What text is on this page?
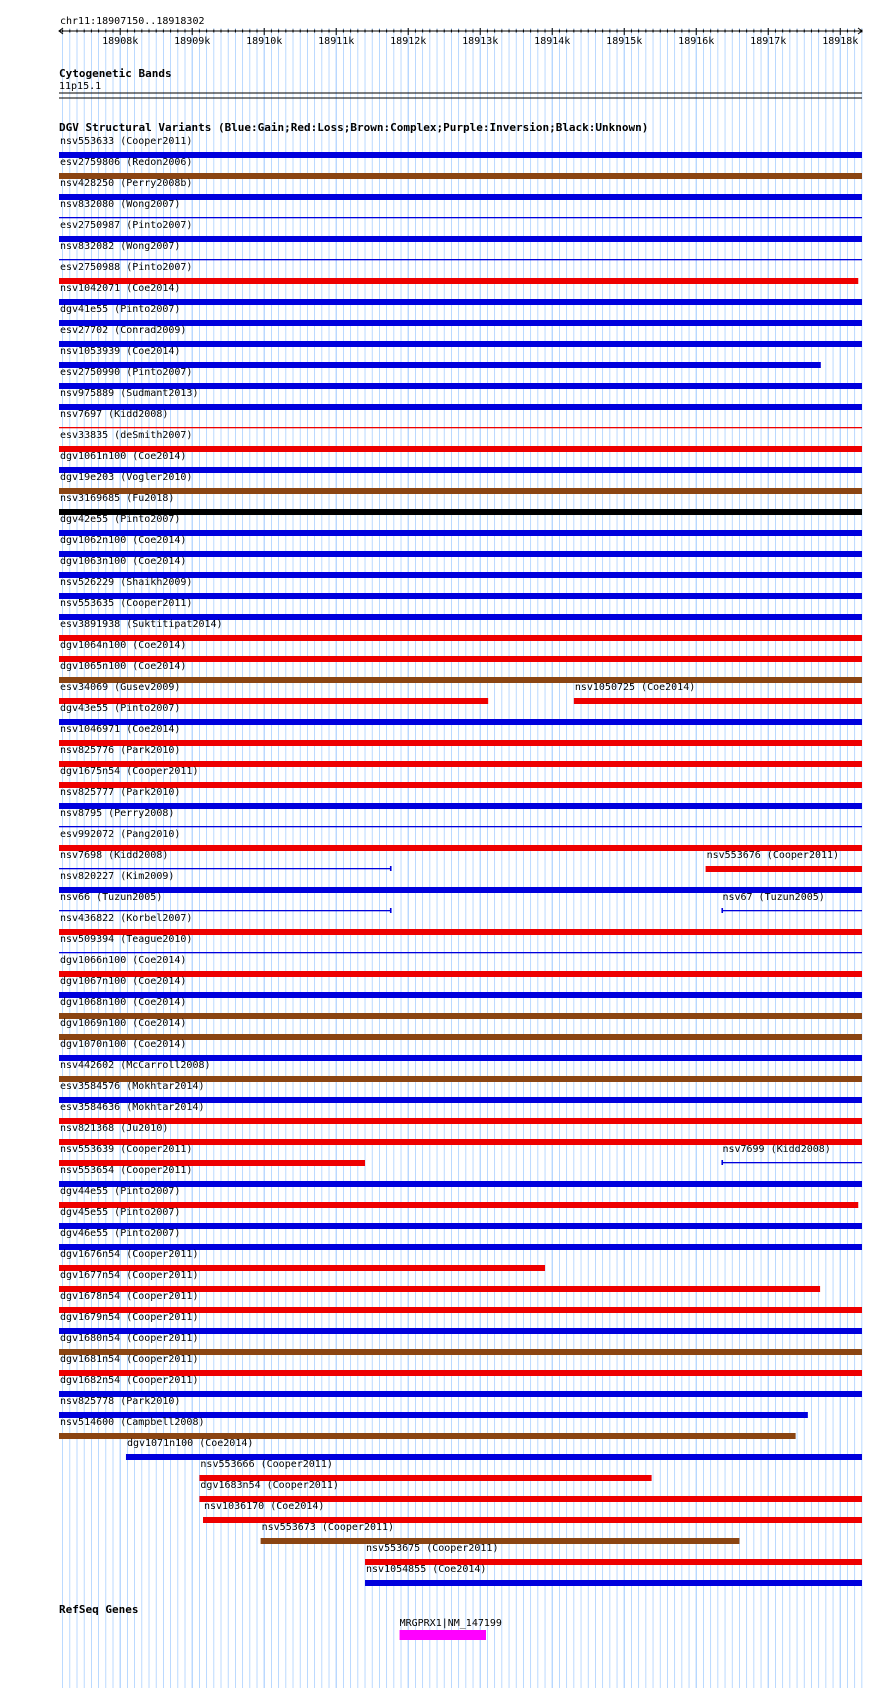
chr11:18907150..18918302
18908k	18909k	18910k	18911k	18912k	18913k	18914k	18915k	18916k	18917k	18918k
Cytogenetic Bands
11p15.1
DGV Structural Variants (Blue:Gain;Red:Loss;Brown:Complex;Purple:Inversion;Black:Unknown)
nsv553633 (Cooper2011)
esv2759806 (Redon2006)
nsv428250 (Perry2008b)
nsv832080 (Wong2007)
esv2750987 (Pinto2007)
nsv832082 (Wong2007)
esv2750988 (Pinto2007)
nsv1042071 (Coe2014)
dgv41e55 (Pinto2007)
esv27702 (Conrad2009)
nsv1053939 (Coe2014)
esv2750990 (Pinto2007)
nsv975889 (Sudmant2013)
nsv7697 (Kidd2008)
esv33835 (deSmith2007)
dgv1061n100 (Coe2014)
dgv19e203 (Vogler2010)
nsv3169685 (Fu2018)
dgv42e55 (Pinto2007)
dgv1062n100 (Coe2014)
dgv1063n100 (Coe2014)
nsv526229 (Shaikh2009)
nsv553635 (Cooper2011)
esv3891938 (Suktitipat2014)
dgv1064n100 (Coe2014)
dgv1065n100 (Coe2014)
esv34069 (Gusev2009)	nsv1050725 (Coe2014)
dgv43e55 (Pinto2007)
nsv1046971 (Coe2014)
nsv825776 (Park2010)
dgv1675n54 (Cooper2011)
nsv825777 (Park2010)
nsv8795 (Perry2008)
esv992072 (Pang2010)
nsv7698 (Kidd2008)	nsv553676 (Cooper2011)
nsv820227 (Kim2009)
nsv66 (Tuzun2005)	nsv67 (Tuzun2005)
nsv436822 (Korbel2007)
nsv509394 (Teague2010)
dgv1066n100 (Coe2014)
dgv1067n100 (Coe2014)
dgv1068n100 (Coe2014)
dgv1069n100 (Coe2014)
dgv1070n100 (Coe2014)
nsv442602 (McCarroll2008)
esv3584576 (Mokhtar2014)
esv3584636 (Mokhtar2014)
nsv821368 (Ju2010)
nsv553639 (Cooper2011)	nsv7699 (Kidd2008)
nsv553654 (Cooper2011)
dgv44e55 (Pinto2007)
dgv45e55 (Pinto2007)
dgv46e55 (Pinto2007)
dgv1676n54 (Cooper2011)
dgv1677n54 (Cooper2011)
dgv1678n54 (Cooper2011)
dgv1679n54 (Cooper2011)
dgv1680n54 (Cooper2011)
dgv1681n54 (Cooper2011)
dgv1682n54 (Cooper2011)
nsv825778 (Park2010)
nsv514600 (Campbell2008)
dgv1071n100 (Coe2014)
nsv553666 (Cooper2011)
dgv1683n54 (Cooper2011)
nsv1036170 (Coe2014)
nsv553673 (Cooper2011)
nsv553675 (Cooper2011)
nsv1054855 (Coe2014)
RefSeq Genes
MRGPRX1|NM_147199
